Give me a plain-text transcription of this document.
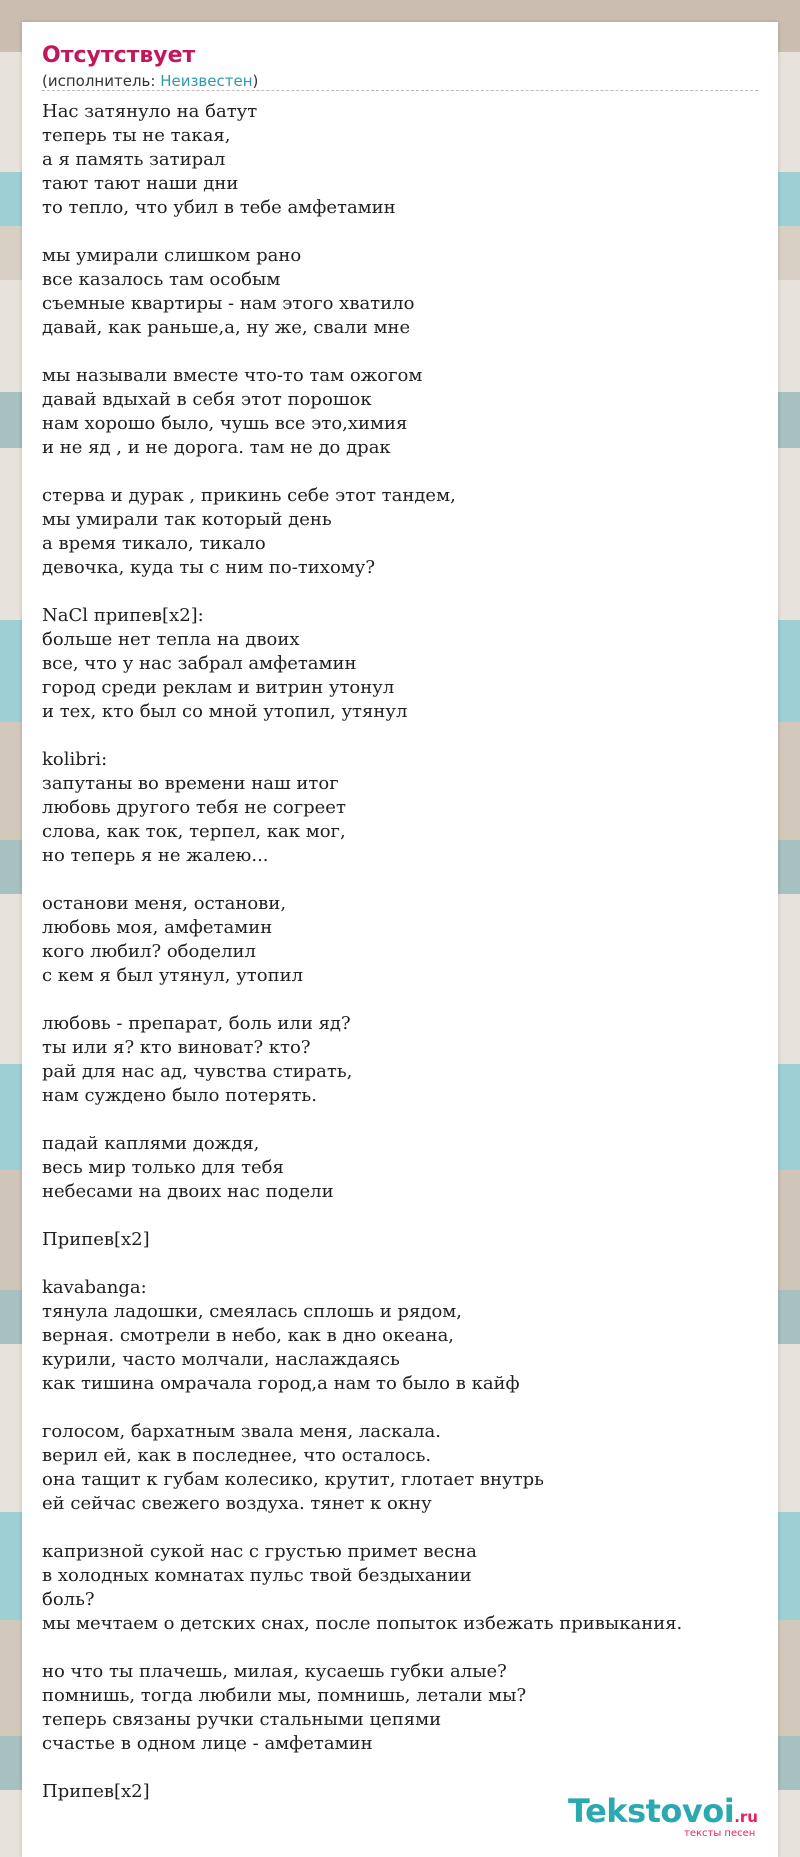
Отсутствует
(исполнитель: Неизвестен)
Нас затянуло на батут
теперь ты не такая,
а я память затирал
тают тают наши дни
то тепло, что убил в тебе амфетамин
мы умирали слишком рано
все казалось там особым
съемные квартиры - нам этого хватило
давай, как раньше,а, ну же, свали мне
мы называли вместе что-то там ожогом
давай вдыхай в себя этот порошок
нам хорошо было, чушь все это,химия
и не яд , и не дорога. там не до драк
стерва и дурак , прикинь себе этот тандем,
мы умирали так который день
а время тикало, тикало
девочка, куда ты с ним по-тихому?
NaCl припев[x2]:
больше нет тепла на двоих
все, что у нас забрал амфетамин
город среди реклам и витрин утонул
и тех, кто был со мной утопил, утянул
kolibri:
запутаны во времени наш итог
любовь другого тебя не согреет
слова, как ток, терпел, как мог,
но теперь я не жалею...
останови меня, останови,
любовь моя, амфетамин
кого любил? ободелил
с кем я был утянул, утопил
любовь - препарат, боль или яд?
ты или я? кто виноват? кто?
рай для нас ад, чувства стирать,
нам суждено было потерять.
падай каплями дождя,
весь мир только для тебя
небесами на двоих нас подели
Припев[x2]
kavabanga:
тянула ладошки, смеялась сплошь и рядом,
верная. смотрели в небо, как в дно океана,
курили, часто молчали, наслаждаясь
как тишина омрачала город,а нам то было в кайф
голосом, бархатным звала меня, ласкала.
верил ей, как в последнее, что осталось.
она тащит к губам колесико, крутит, глотает внутрь
ей сейчас свежего воздуха. тянет к окну
капризной сукой нас с грустью примет весна
в холодных комнатах пульс твой бездыхании
боль?
мы мечтаем о детских снах, после попыток избежать привыкания.
но что ты плачешь, милая, кусаешь губки алые?
помнишь, тогда любили мы, помнишь, летали мы?
теперь связаны ручки стальными цепями
счастье в одном лице - амфетамин
Припев[x2]
Tekstovoi.ru
тексты песен
